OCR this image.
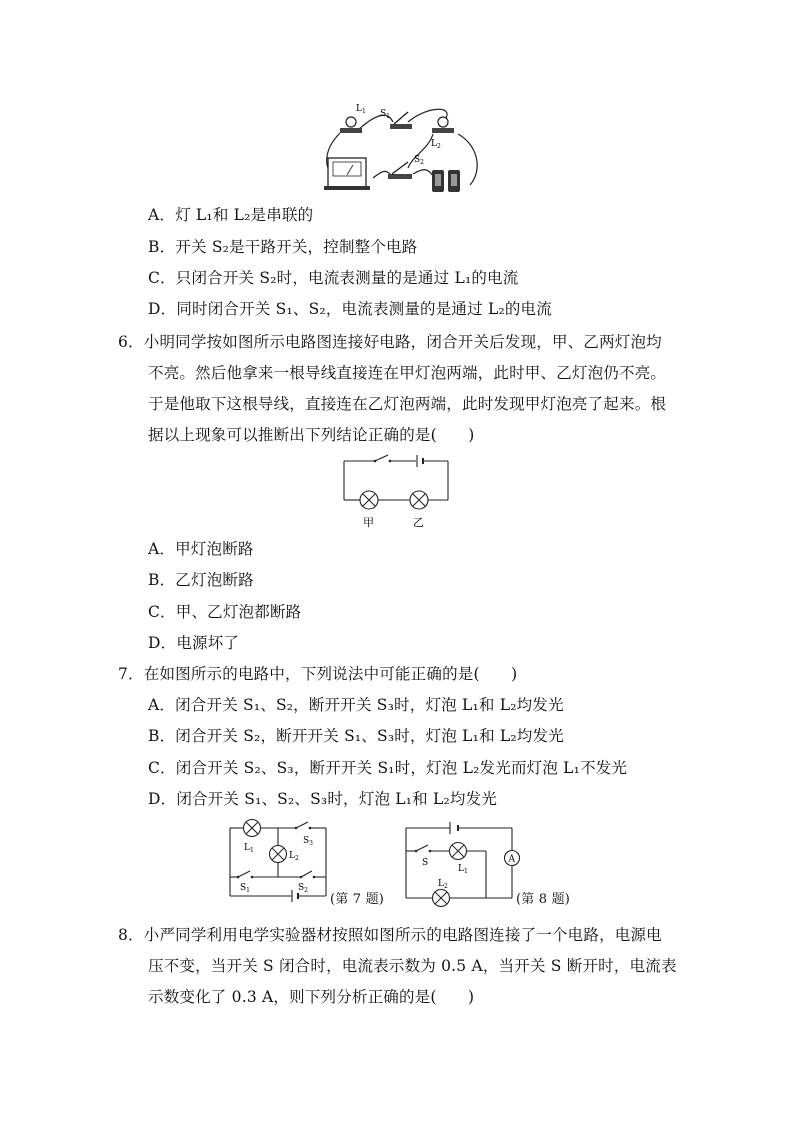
$L_1$ $S_1$
$L_2$
$S_2$
A．灯 L₁和 L₂是串联的
B．开关 S₂是干路开关，控制整个电路
C．只闭合开关 S₂时，电流表测量的是通过 L₁的电流
D．同时闭合开关 S₁、S₂，电流表测量的是通过 L₂的电流
6．小明同学按如图所示电路图连接好电路，闭合开关后发现，甲、乙两灯泡均
不亮。然后他拿来一根导线直接连在甲灯泡两端，此时甲、乙灯泡仍不亮。
于是他取下这根导线，直接连在乙灯泡两端，此时发现甲灯泡亮了起来。根
据以上现象可以推断出下列结论正确的是(　　)
甲	乙
A．甲灯泡断路
B．乙灯泡断路
C．甲、乙灯泡都断路
D．电源坏了
7．在如图所示的电路中，下列说法中可能正确的是(　　)
A．闭合开关 S₁、S₂，断开开关 S₃时，灯泡 L₁和 L₂均发光
B．闭合开关 S₂，断开开关 S₁、S₃时，灯泡 L₁和 L₂均发光
C．闭合开关 S₂、S₃，断开开关 S₁时，灯泡 L₂发光而灯泡 L₁不发光
D．闭合开关 S₁、S₂、S₃时，灯泡 L₁和 L₂均发光
$L_1$
$L_2$
$S_3$
$S_1$	$S_2$
(第 7 题)
A
S
$L_1$
$L_2$
(第 8 题)
8．小严同学利用电学实验器材按照如图所示的电路图连接了一个电路，电源电
压不变，当开关 S 闭合时，电流表示数为 0.5 A，当开关 S 断开时，电流表
示数变化了 0.3 A，则下列分析正确的是(　　)
